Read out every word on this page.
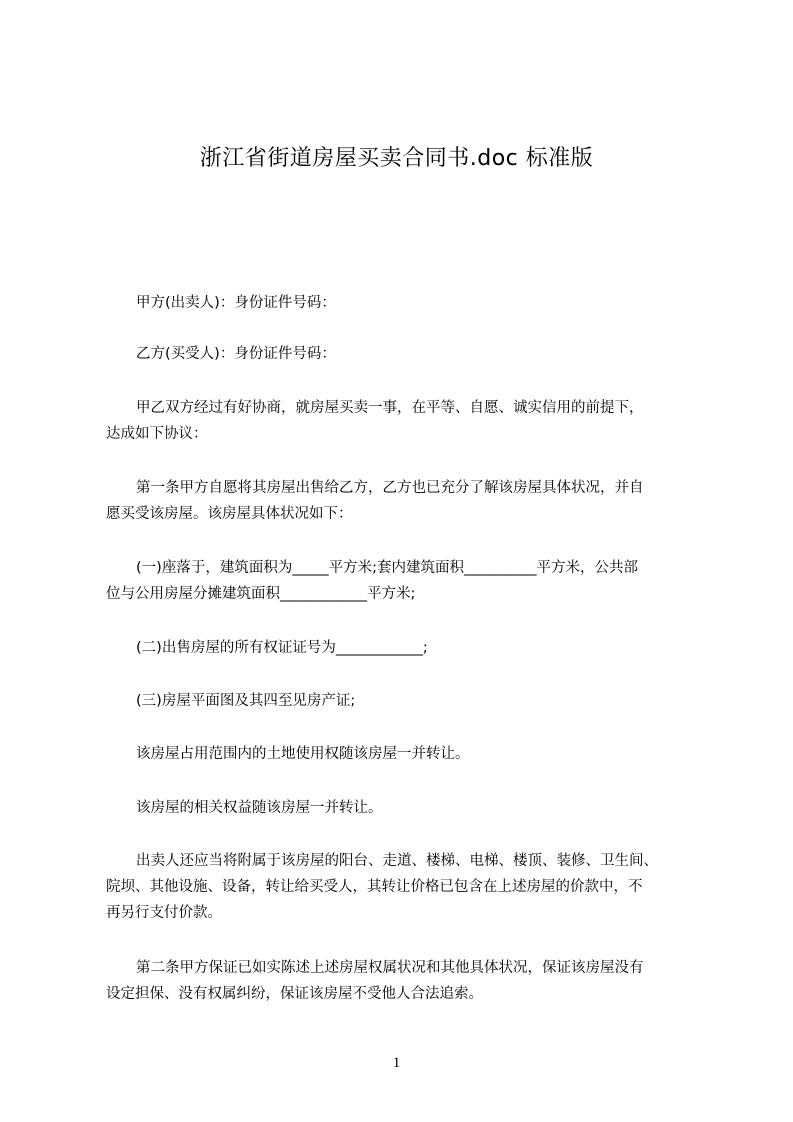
浙江省街道房屋买卖合同书.doc 标准版
甲方(出卖人)：身份证件号码：
乙方(买受人)：身份证件号码：
甲乙双方经过有好协商，就房屋买卖一事，在平等、自愿、诚实信用的前提下，
达成如下协议：
第一条甲方自愿将其房屋出售给乙方，乙方也已充分了解该房屋具体状况，并自
愿买受该房屋。该房屋具体状况如下：
(一)座落于，建筑面积为_____平方米;套内建筑面积__________平方米，公共部
位与公用房屋分摊建筑面积____________平方米;
(二)出售房屋的所有权证证号为____________;
(三)房屋平面图及其四至见房产证;
该房屋占用范围内的土地使用权随该房屋一并转让。
该房屋的相关权益随该房屋一并转让。
出卖人还应当将附属于该房屋的阳台、走道、楼梯、电梯、楼顶、装修、卫生间、
院坝、其他设施、设备，转让给买受人，其转让价格已包含在上述房屋的价款中，不
再另行支付价款。
第二条甲方保证已如实陈述上述房屋权属状况和其他具体状况，保证该房屋没有
设定担保、没有权属纠纷，保证该房屋不受他人合法追索。
1
